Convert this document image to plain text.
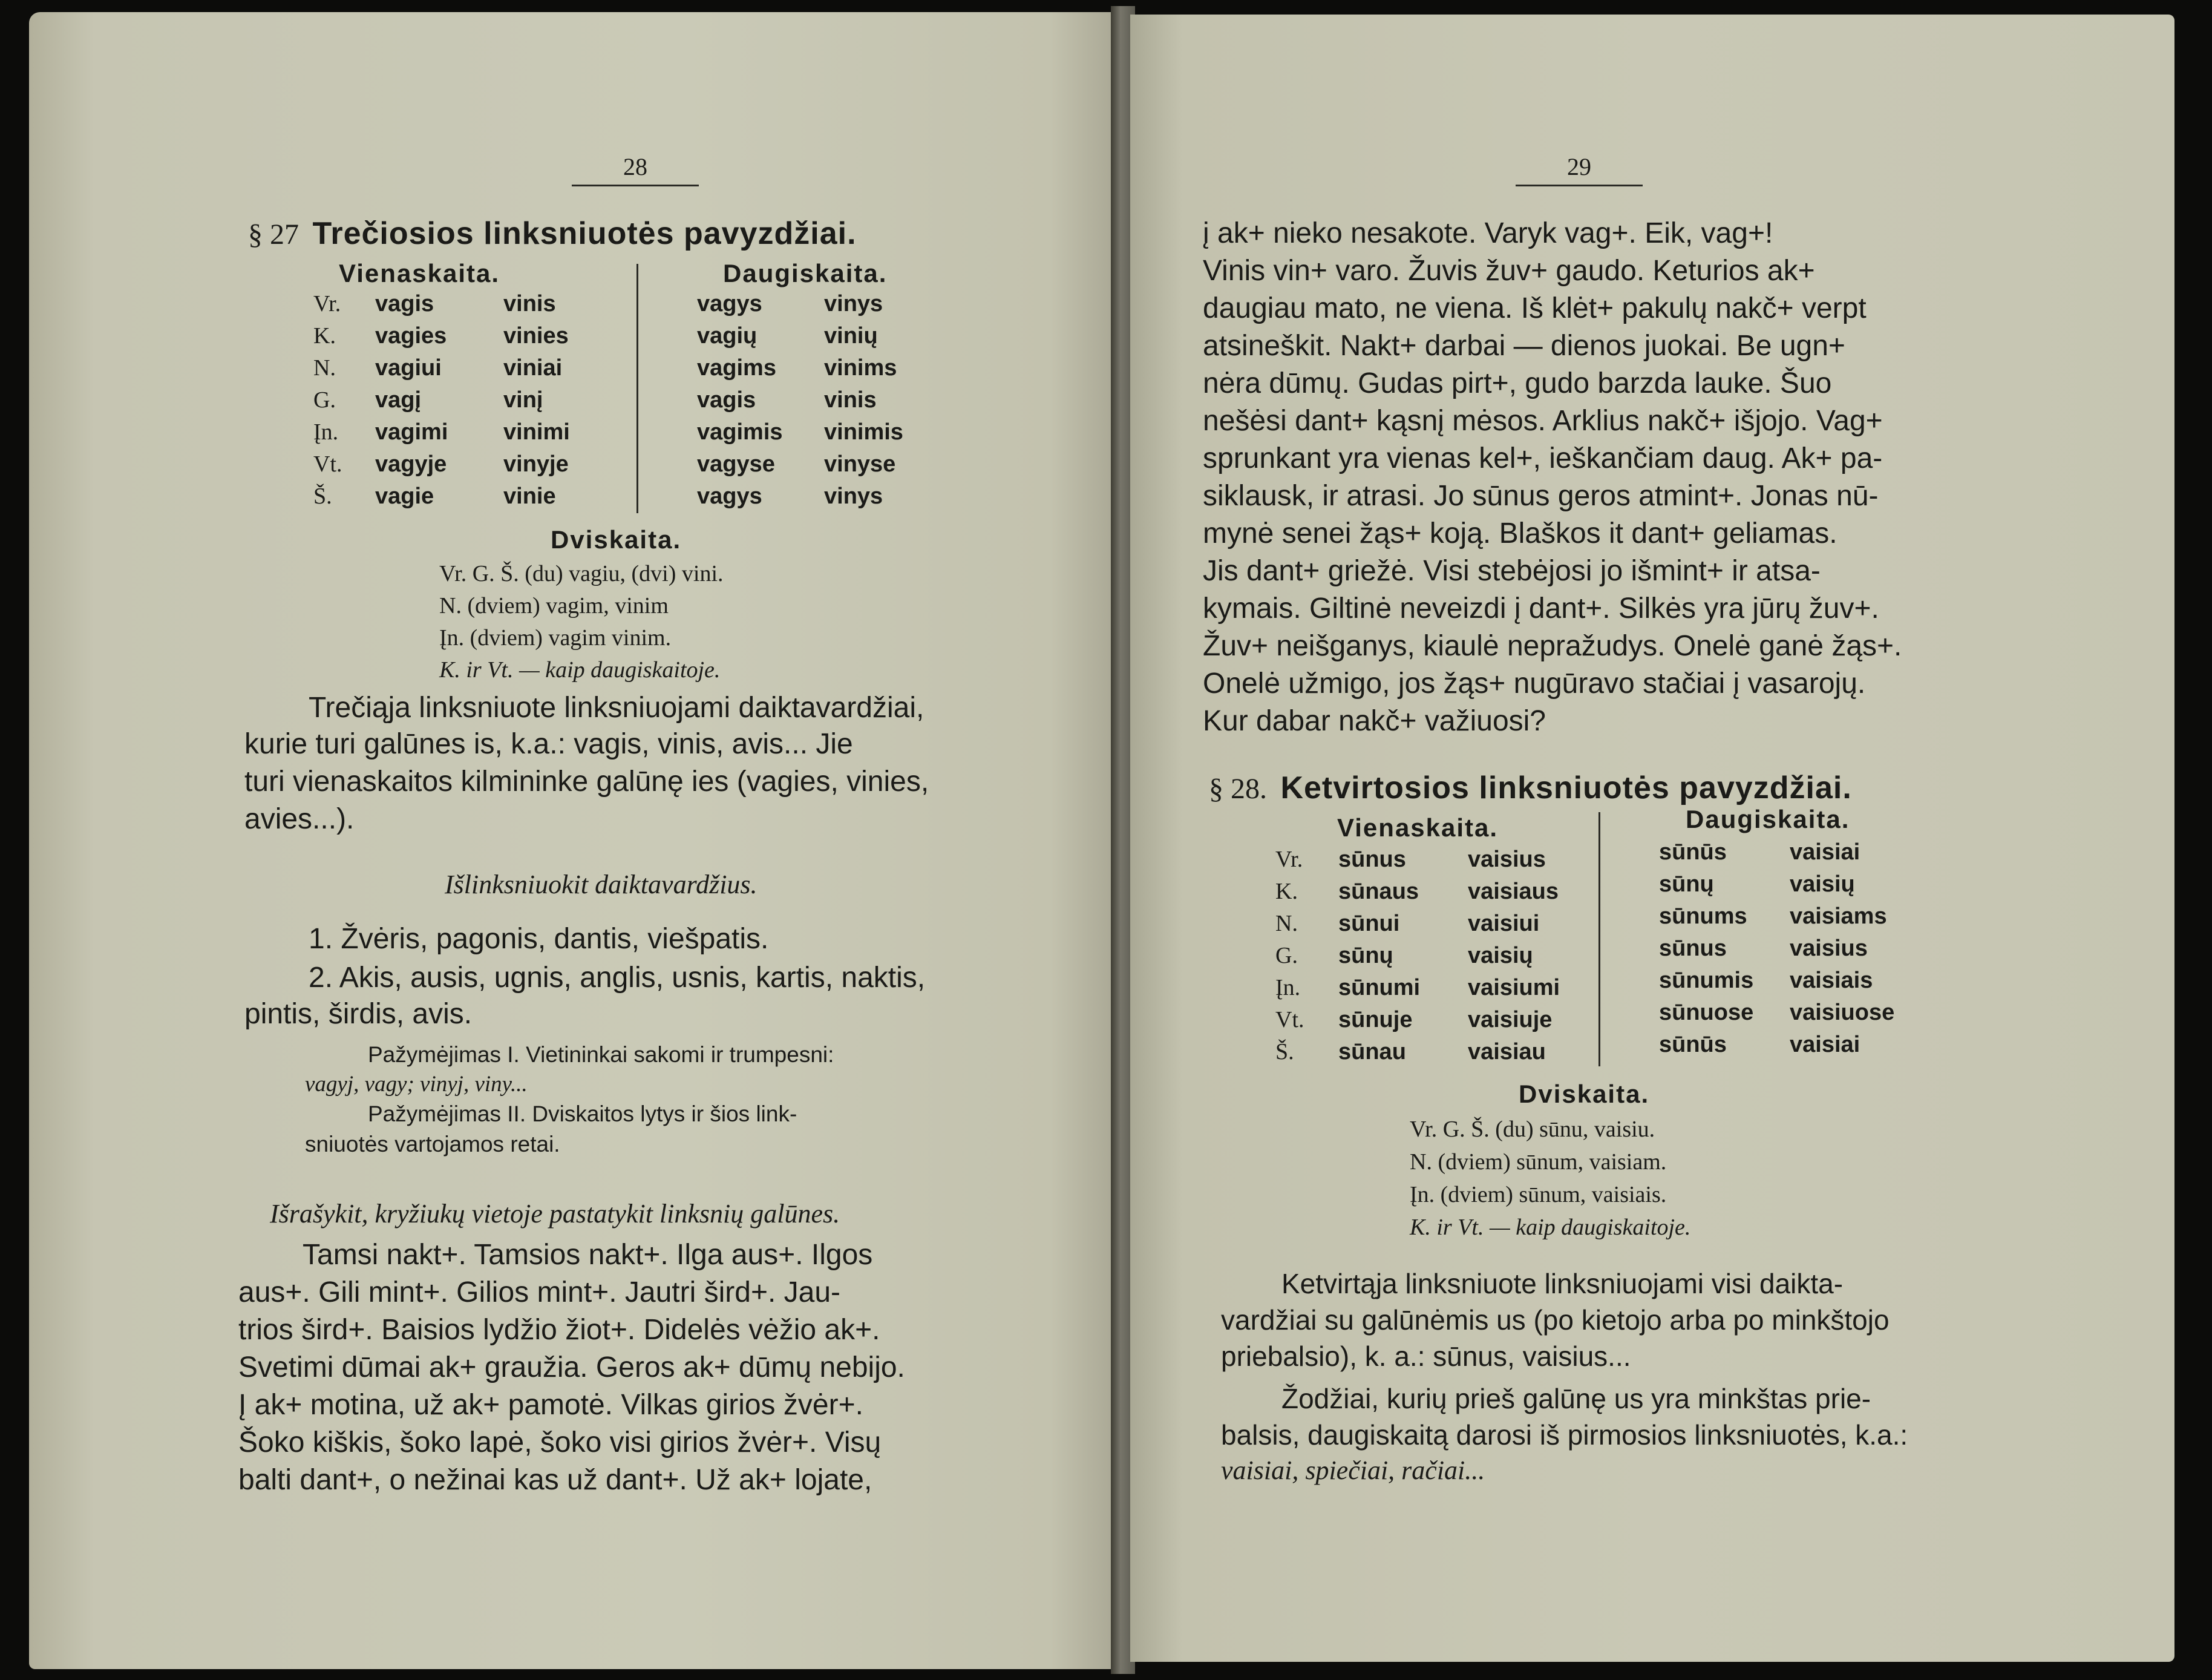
28
§ 27 Trečiosios linksniuotės pavyzdžiai.
Vienaskaita.	Daugiskaita.
Vr.
K.
N.
G.
Įn.
Vt.
Š.
vagis
vagies
vagiui
vagį
vagimi
vagyje
vagie
vinis
vinies
viniai
vinį
vinimi
vinyje
vinie
vagys
vagių
vagims
vagis
vagimis
vagyse
vagys
vinys
vinių
vinims
vinis
vinimis
vinyse
vinys
Dviskaita.
Vr. G. Š. (du) vagiu, (dvi) vini.
N. (dviem) vagim, vinim
Įn. (dviem) vagim vinim.
K. ir Vt. — kaip daugiskaitoje.
Trečiąja linksniuote linksniuojami daiktavardžiai,
kurie turi galūnes is, k.a.: vagis, vinis, avis... Jie
turi vienaskaitos kilmininke galūnę ies (vagies, vinies,
avies...).
Išlinksniuokit daiktavardžius.
1. Žvėris, pagonis, dantis, viešpatis.
2. Akis, ausis, ugnis, anglis, usnis, kartis, naktis,
pintis, širdis, avis.
Pažymėjimas I. Vietininkai sakomi ir trumpesni:
vagyj, vagy; vinyj, viny...
Pažymėjimas II. Dviskaitos lytys ir šios link-
sniuotės vartojamos retai.
Išrašykit, kryžiukų vietoje pastatykit linksnių galūnes.
Tamsi nakt+. Tamsios nakt+. Ilga aus+. Ilgos
aus+. Gili mint+. Gilios mint+. Jautri šird+. Jau-
trios šird+. Baisios lydžio žiot+. Didelės vėžio ak+.
Svetimi dūmai ak+ graužia. Geros ak+ dūmų nebijo.
Į ak+ motina, už ak+ pamotė. Vilkas girios žvėr+.
Šoko kiškis, šoko lapė, šoko visi girios žvėr+. Visų
balti dant+, o nežinai kas už dant+. Už ak+ lojate,
29
į ak+ nieko nesakote. Varyk vag+. Eik, vag+!
Vinis vin+ varo. Žuvis žuv+ gaudo. Keturios ak+
daugiau mato, ne viena. Iš klėt+ pakulų nakč+ verpt
atsineškit. Nakt+ darbai — dienos juokai. Be ugn+
nėra dūmų. Gudas pirt+, gudo barzda lauke. Šuo
nešėsi dant+ kąsnį mėsos. Arklius nakč+ išjojo. Vag+
sprunkant yra vienas kel+, ieškančiam daug. Ak+ pa-
siklausk, ir atrasi. Jo sūnus geros atmint+. Jonas nū-
mynė senei žąs+ koją. Blaškos it dant+ geliamas.
Jis dant+ griežė. Visi stebėjosi jo išmint+ ir atsa-
kymais. Giltinė neveizdi į dant+. Silkės yra jūrų žuv+.
Žuv+ neišganys, kiaulė nepražudys. Onelė ganė žąs+.
Onelė užmigo, jos žąs+ nugūravo stačiai į vasarojų.
Kur dabar nakč+ važiuosi?
§ 28. Ketvirtosios linksniuotės pavyzdžiai.
Vienaskaita.	Daugiskaita.
Vr.
K.
N.
G.
Įn.
Vt.
Š.
sūnus
sūnaus
sūnui
sūnų
sūnumi
sūnuje
sūnau
vaisius
vaisiaus
vaisiui
vaisių
vaisiumi
vaisiuje
vaisiau
sūnūs
sūnų
sūnums
sūnus
sūnumis
sūnuose
sūnūs
vaisiai
vaisių
vaisiams
vaisius
vaisiais
vaisiuose
vaisiai
Dviskaita.
Vr. G. Š. (du) sūnu, vaisiu.
N. (dviem) sūnum, vaisiam.
Įn. (dviem) sūnum, vaisiais.
K. ir Vt. — kaip daugiskaitoje.
Ketvirtąja linksniuote linksniuojami visi daikta-
vardžiai su galūnėmis us (po kietojo arba po minkštojo
priebalsio), k. a.: sūnus, vaisius...
Žodžiai, kurių prieš galūnę us yra minkštas prie-
balsis, daugiskaitą darosi iš pirmosios linksniuotės, k.a.:
vaisiai, spiečiai, račiai...
